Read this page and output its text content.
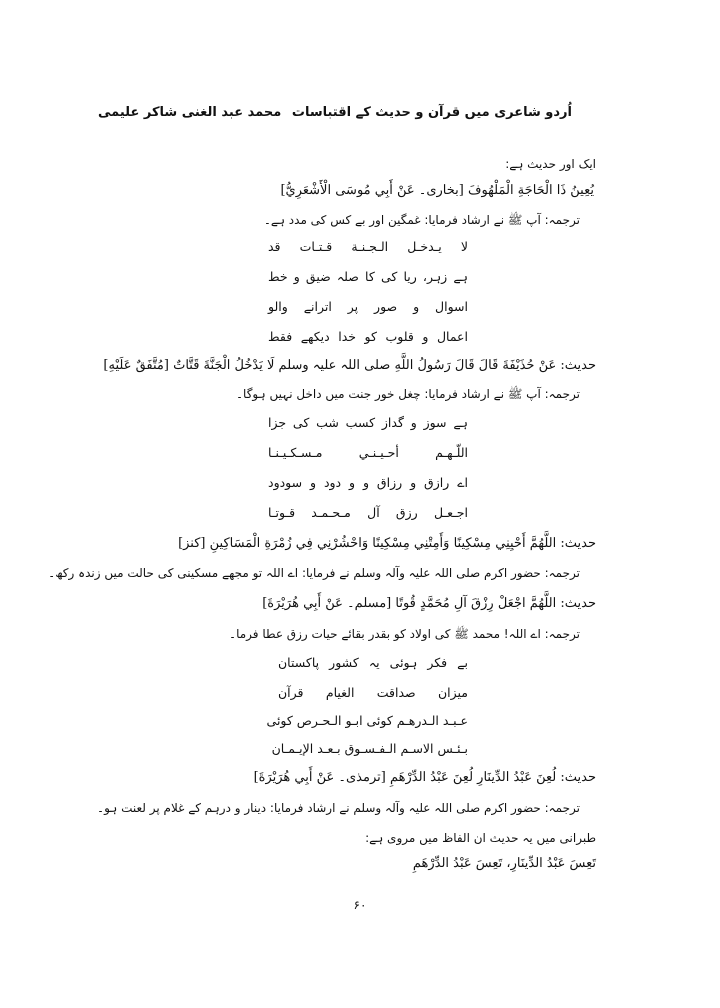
اُردو شاعری میں قرآن و حدیث کے اقتباسات
محمد عبد الغنی شاکر علیمی
ایک اور حدیث ہے:
يُعِينُ ذَا الْحَاجَةِ الْمَلْهُوفَ [بخاری۔ عَنْ أَبِي مُوسَى الْأَشْعَرِيُّ]
ترجمہ: آپ ﷺ نے ارشاد فرمایا: غمگین اور بے کس کی مدد ہے۔
لا يـدخـل الـجـنـة قـتـات قد
ہے زہر، ریا کی کا صلہ ضیق و خط
اسوال و صور پر اترانے والو
اعمال و قلوب کو خدا دیکھے فقط
حدیث: عَنْ حُذَيْفَةَ قَالَ قَالَ رَسُولُ اللَّهِ صلی اللہ علیہ وسلم لَا يَدْخُلُ الْجَنَّةَ قَتَّاتٌ [مُتَّفَقٌ عَلَيْهِ]
ترجمہ: آپ ﷺ نے ارشاد فرمایا: چغل خور جنت میں داخل نہیں ہوگا۔
ہے سوز و گداز کسب شب کی جزا
اللّـهـم أحـيـنـي مـسـكـيـنـا
اے رازق و رزاق و و دود و سودود
اجـعـل رزق آل مـحـمـد قـوتـا
حدیث: اللَّهُمَّ أَحْيِنِي مِسْكِينًا وَأَمِتْنِي مِسْكِينًا وَاحْشُرْنِي فِي زُمْرَةِ الْمَسَاكِينِ [کنز]
ترجمہ: حضور اکرم صلی اللہ علیہ وآلہ وسلم نے فرمایا: اے اللہ تو مجھے مسکینی کی حالت میں زندہ رکھ۔
حدیث: اللَّهُمَّ اجْعَلْ رِزْقَ آلِ مُحَمَّدٍ قُوتًا [مسلم۔ عَنْ أَبِي هُرَيْرَةَ]
ترجمہ: اے اللہ! محمد ﷺ کی اولاد کو بقدر بقائے حیات رزق عطا فرما۔
بے فکر ہوئی یہ کشور پاکستان
میزان صداقت الغیام قرآن
عـبـد الـدرهـم کوئی ابـو الـحـرص کوئی
بـئـس الاسـم الـفـسـوق بـعـد الإيـمـان
حدیث: لُعِنَ عَبْدُ الدِّينَارِ لُعِنَ عَبْدُ الدِّرْهَمِ [ترمذی۔ عَنْ أَبِي هُرَيْرَةَ]
ترجمہ: حضور اکرم صلی اللہ علیہ وآلہ وسلم نے ارشاد فرمایا: دینار و درہم کے غلام پر لعنت ہو۔
طبرانی میں یہ حدیث ان الفاظ میں مروی ہے:
تَعِسَ عَبْدُ الدِّينَارِ، تَعِسَ عَبْدُ الدِّرْهَمِ
۶۰
